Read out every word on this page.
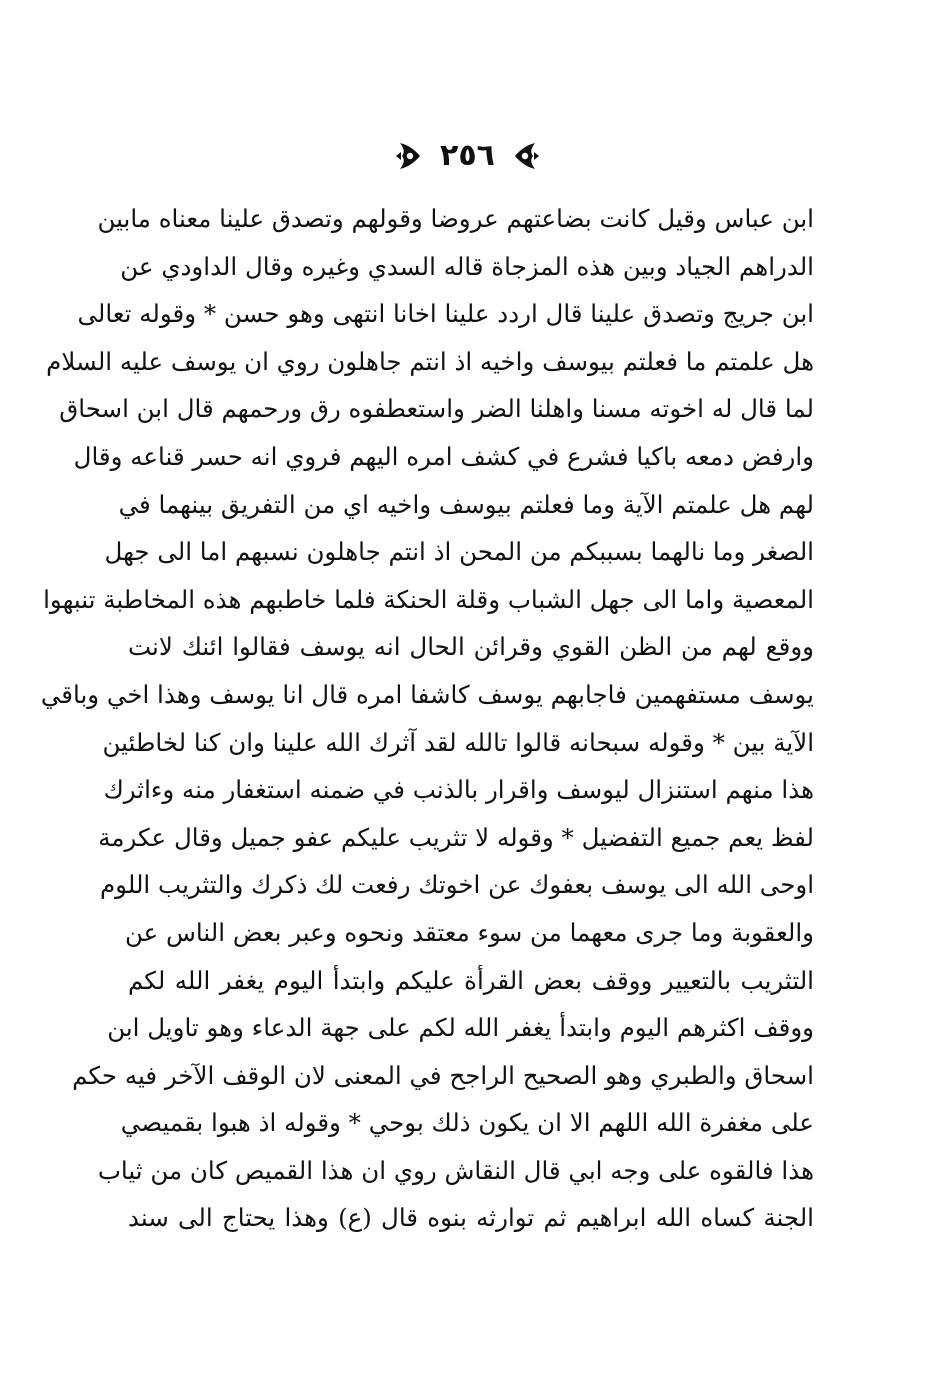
٢٥٦
ابن عباس وقيل كانت بضاعتهم عروضا وقولهم وتصدق علينا معناه مابين
الدراهم الجياد وبين هذه المزجاة قاله السدي وغيره وقال الداودي عن
ابن جريج وتصدق علينا قال اردد علينا اخانا انتهى وهو حسن * وقوله تعالى
هل علمتم ما فعلتم بيوسف واخيه اذ انتم جاهلون روي ان يوسف عليه السلام
لما قال له اخوته مسنا واهلنا الضر واستعطفوه رق ورحمهم قال ابن اسحاق
وارفض دمعه باكيا فشرع في كشف امره اليهم فروي انه حسر قناعه وقال
لهم هل علمتم الآية وما فعلتم بيوسف واخيه اي من التفريق بينهما في
الصغر وما نالهما بسببكم من المحن اذ انتم جاهلون نسبهم اما الى جهل
المعصية واما الى جهل الشباب وقلة الحنكة فلما خاطبهم هذه المخاطبة تنبهوا
ووقع لهم من الظن القوي وقرائن الحال انه يوسف فقالوا ائنك لانت
يوسف مستفهمين فاجابهم يوسف كاشفا امره قال انا يوسف وهذا اخي وباقي
الآية بين * وقوله سبحانه قالوا تالله لقد آثرك الله علينا وان كنا لخاطئين
هذا منهم استنزال ليوسف واقرار بالذنب في ضمنه استغفار منه وءاثرك
لفظ يعم جميع التفضيل * وقوله لا تثريب عليكم عفو جميل وقال عكرمة
اوحى الله الى يوسف بعفوك عن اخوتك رفعت لك ذكرك والتثريب اللوم
والعقوبة وما جرى معهما من سوء معتقد ونحوه وعبر بعض الناس عن
التثريب بالتعيير ووقف بعض القرأة عليكم وابتدأ اليوم يغفر الله لكم
ووقف اكثرهم اليوم وابتدأ يغفر الله لكم على جهة الدعاء وهو تاويل ابن
اسحاق والطبري وهو الصحيح الراجح في المعنى لان الوقف الآخر فيه حكم
على مغفرة الله اللهم الا ان يكون ذلك بوحي * وقوله اذ هبوا بقميصي
هذا فالقوه على وجه ابي قال النقاش روي ان هذا القميص كان من ثياب
الجنة كساه الله ابراهيم ثم توارثه بنوه قال (ع) وهذا يحتاج الى سند
